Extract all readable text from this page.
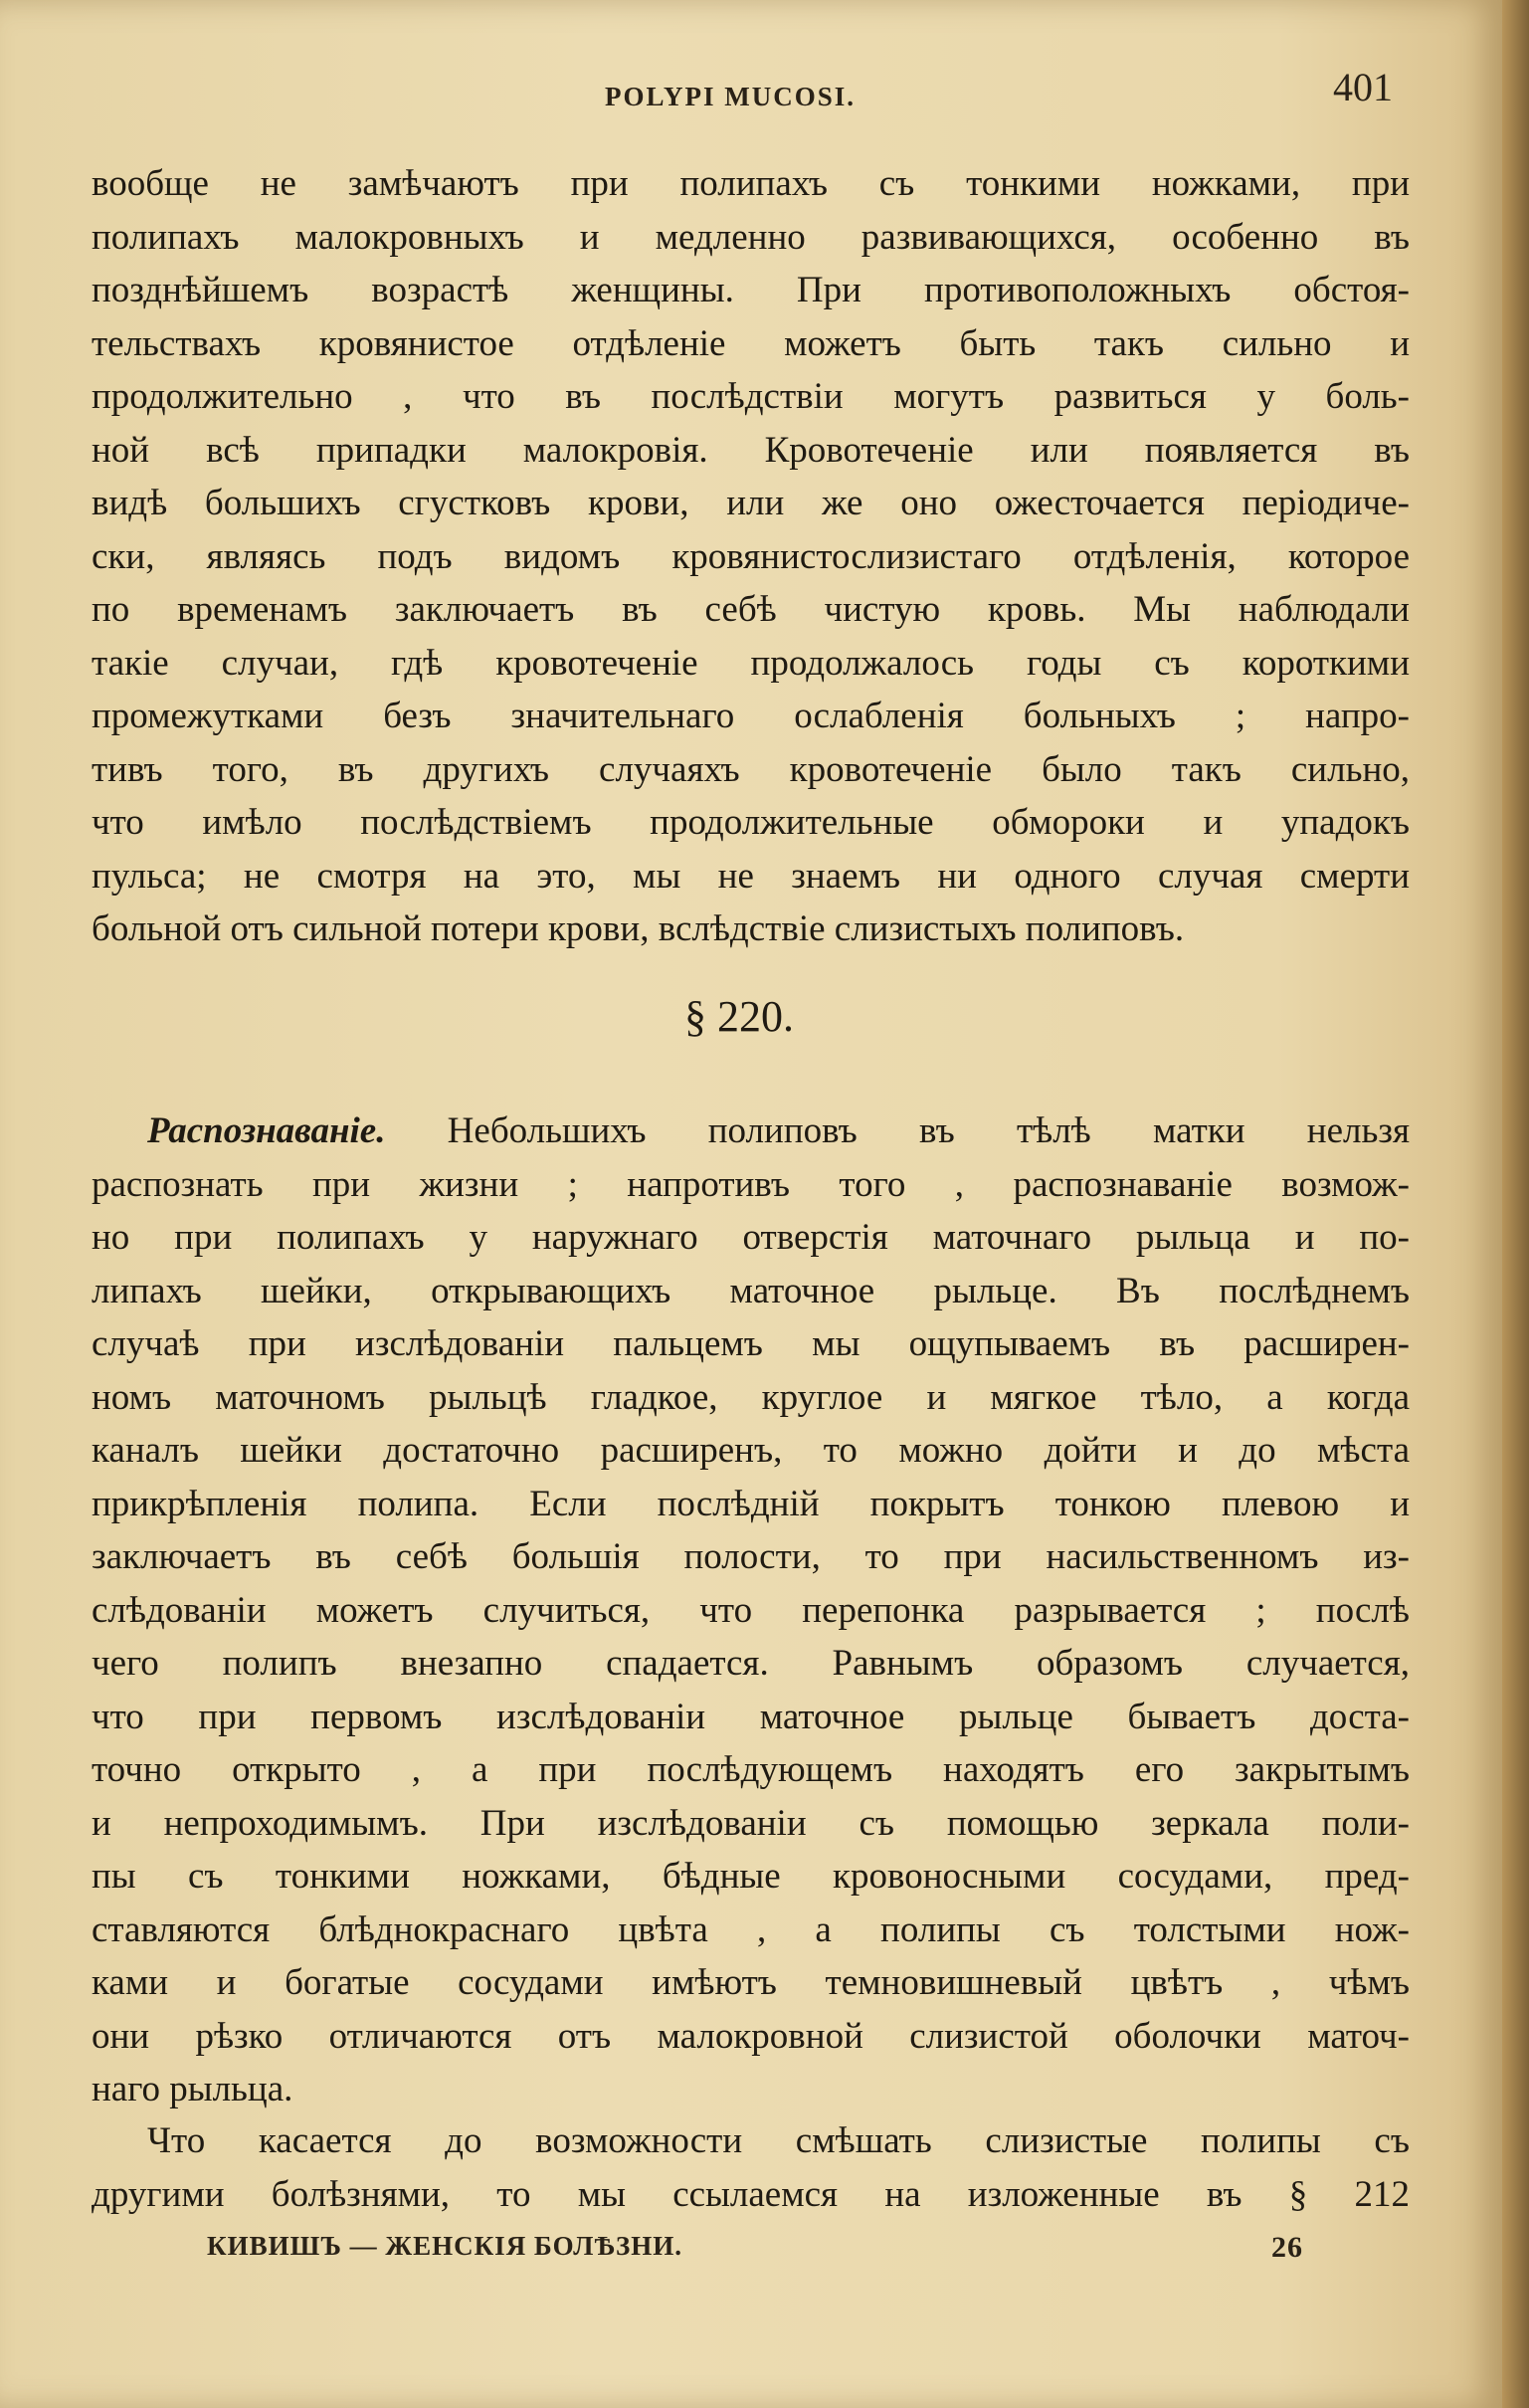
POLYPI MUCOSI.	401
вообще не замѣчаютъ при полипахъ съ тонкими ножками, при
полипахъ малокровныхъ и медленно развивающихся, особенно въ
позднѣйшемъ возрастѣ женщины. При противоположныхъ обстоя-
тельствахъ кровянистое отдѣленіе можетъ быть такъ сильно и
продолжительно , что въ послѣдствіи могутъ развиться у боль-
ной всѣ припадки малокровія. Кровотеченіе или появляется въ
видѣ большихъ сгустковъ крови, или же оно ожесточается періодиче-
ски, являясь подъ видомъ кровянистослизистаго отдѣленія, которое
по временамъ заключаетъ въ себѣ чистую кровь. Мы наблюдали
такіе случаи, гдѣ кровотеченіе продолжалось годы съ короткими
промежутками безъ значительнаго ослабленія больныхъ ; напро-
тивъ того, въ другихъ случаяхъ кровотеченіе было такъ сильно,
что имѣло послѣдствіемъ продолжительные обмороки и упадокъ
пульса; не смотря на это, мы не знаемъ ни одного случая смерти
больной отъ сильной потери крови, вслѣдствіе слизистыхъ полиповъ.
§ 220.
Распознаваніе. Небольшихъ полиповъ въ тѣлѣ матки нельзя
распознать при жизни ; напротивъ того , распознаваніе возмож-
но при полипахъ у наружнаго отверстія маточнаго рыльца и по-
липахъ шейки, открывающихъ маточное рыльце. Въ послѣднемъ
случаѣ при изслѣдованіи пальцемъ мы ощупываемъ въ расширен-
номъ маточномъ рыльцѣ гладкое, круглое и мягкое тѣло, а когда
каналъ шейки достаточно расширенъ, то можно дойти и до мѣста
прикрѣпленія полипа. Если послѣдній покрытъ тонкою плевою и
заключаетъ въ себѣ большія полости, то при насильственномъ из-
слѣдованіи можетъ случиться, что перепонка разрывается ; послѣ
чего полипъ внезапно спадается. Равнымъ образомъ случается,
что при первомъ изслѣдованіи маточное рыльце бываетъ доста-
точно открыто , а при послѣдующемъ находятъ его закрытымъ
и непроходимымъ. При изслѣдованіи съ помощью зеркала поли-
пы съ тонкими ножками, бѣдные кровоносными сосудами, пред-
ставляются блѣднокраснаго цвѣта , а полипы съ толстыми нож-
ками и богатые сосудами имѣютъ темновишневый цвѣтъ , чѣмъ
они рѣзко отличаются отъ малокровной слизистой оболочки маточ-
наго рыльца.
Что касается до возможности смѣшать слизистые полипы съ
другими болѣзнями, то мы ссылаемся на изложенные въ § 212
КИВИШЪ — ЖЕНСКІЯ БОЛѢЗНИ.	26
